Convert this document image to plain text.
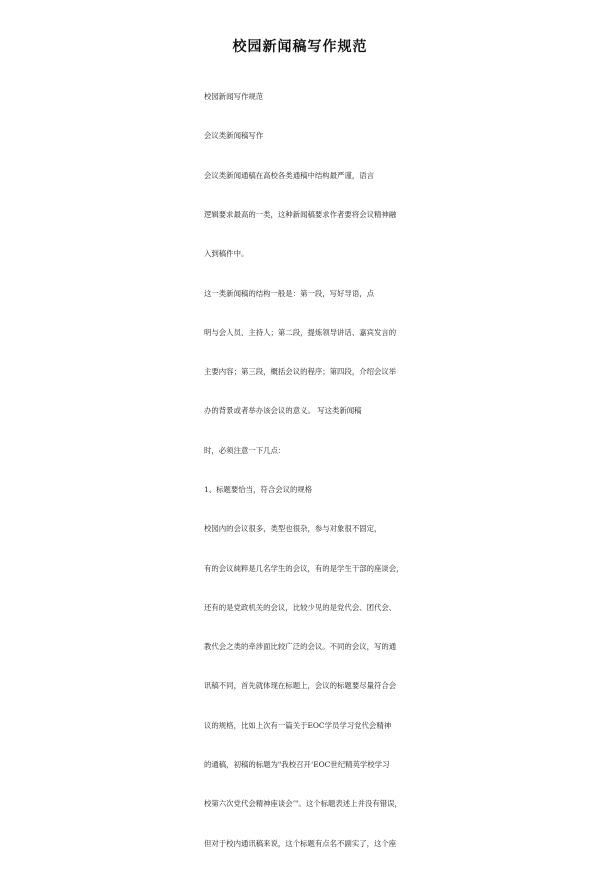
校园新闻稿写作规范

校园新闻写作规范

会议类新闻稿写作

会议类新闻通稿在高校各类通稿中结构最严谨，语言

逻辑要求最高的一类，这种新闻稿要求作者要将会议精神融

入到稿件中。

这一类新闻稿的结构一般是：第一段，写好导语，点

明与会人员、主持人；第二段，提炼领导讲话、嘉宾发言的

主要内容；第三段，概括会议的程序；第四段，介绍会议举

办的背景或者举办该会议的意义。 写这类新闻稿

时，必须注意一下几点：

1、标题要恰当，符合会议的规格

校园内的会议很多，类型也很杂，参与对象很不固定，

有的会议純粹是几名学生的会议，有的是学生干部的座谈会，

还有的是党政机关的会议，比较少见的是党代会、团代会、

教代会之类的牵涉面比较广泛的会议。不同的会议，写的通

讯稿不同，首先就体现在标题上，会议的标题要尽量符合会

议的规格，比如上次有一篇关于EOC学员学习党代会精神

的通稿，初稿的标题为"我校召开‘EOC世纪精英学校学习

校第六次党代会精神座谈会’"。这个标题表述上并没有错误，

但对于校内通讯稿来说，这个标题有点名不副实了，这个座
